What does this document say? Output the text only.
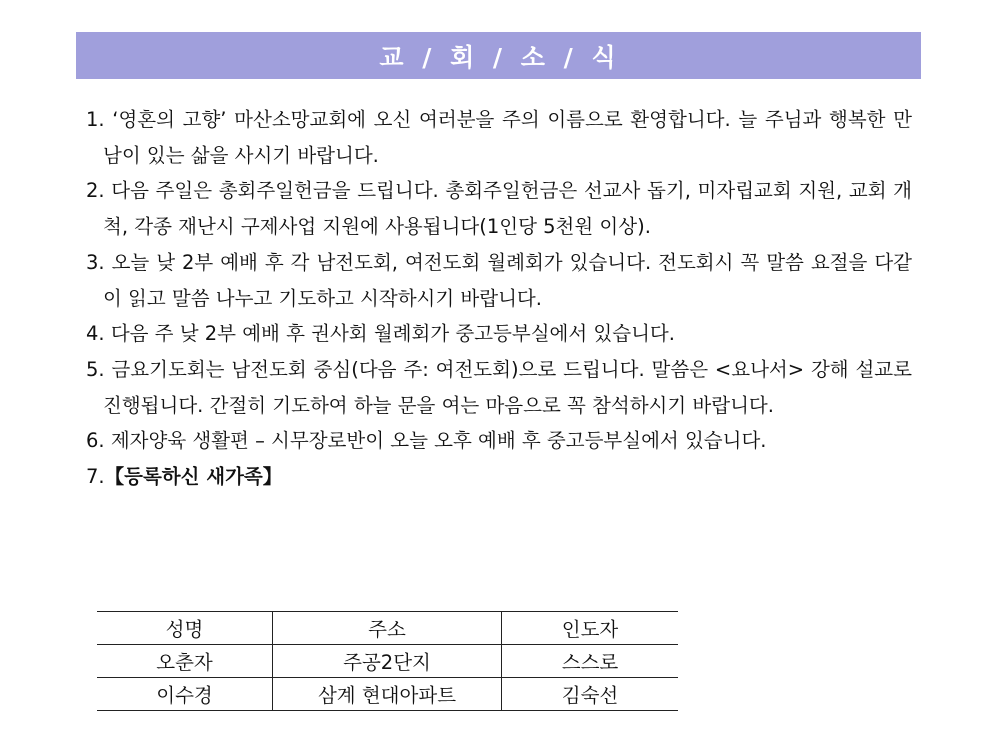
교 / 회 / 소 / 식

1. ‘영혼의 고향’ 마산소망교회에 오신 여러분을 주의 이름으로 환영합니다. 늘 주님과 행복한 만남이 있는 삶을 사시기 바랍니다.

2. 다음 주일은 총회주일헌금을 드립니다. 총회주일헌금은 선교사 돕기, 미자립교회 지원, 교회 개척, 각종 재난시 구제사업 지원에 사용됩니다(1인당 5천원 이상).

3. 오늘 낮 2부 예배 후 각 남전도회, 여전도회 월례회가 있습니다. 전도회시 꼭 말씀 요절을 다같이 읽고 말씀 나누고 기도하고 시작하시기 바랍니다.

4. 다음 주 낮 2부 예배 후 권사회 월례회가 중고등부실에서 있습니다.

5. 금요기도회는 남전도회 중심(다음 주: 여전도회)으로 드립니다. 말씀은 <요나서> 강해 설교로 진행됩니다. 간절히 기도하여 하늘 문을 여는 마음으로 꼭 참석하시기 바랍니다.

6. 제자양육 생활편 – 시무장로반이 오늘 오후 예배 후 중고등부실에서 있습니다.

7.【등록하신 새가족】

성명	주소	인도자
오춘자	주공2단지	스스로
이수경	삼계 현대아파트	김숙선
